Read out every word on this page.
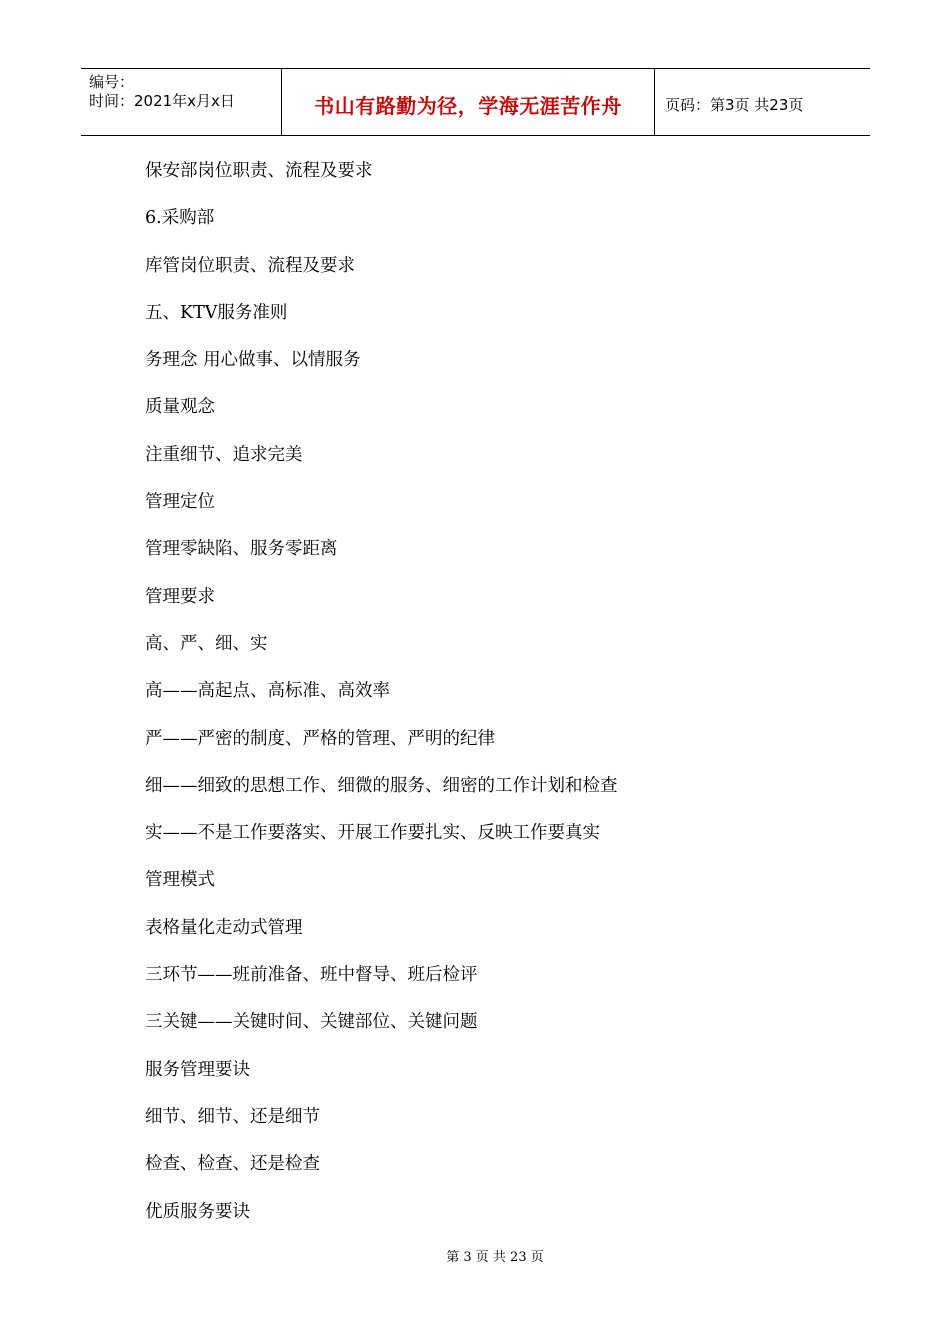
编号：
时间：2021年x月x日	书山有路勤为径，学海无涯苦作舟	页码：第3页 共23页
保安部岗位职责、流程及要求
6.采购部
库管岗位职责、流程及要求
五、KTV服务准则
务理念 用心做事、以情服务
质量观念
注重细节、追求完美
管理定位
管理零缺陷、服务零距离
管理要求
高、严、细、实
高——高起点、高标准、高效率
严——严密的制度、严格的管理、严明的纪律
细——细致的思想工作、细微的服务、细密的工作计划和检查
实——不是工作要落实、开展工作要扎实、反映工作要真实
管理模式
表格量化走动式管理
三环节——班前准备、班中督导、班后检评
三关键——关键时间、关键部位、关键问题
服务管理要诀
细节、细节、还是细节
检查、检查、还是检查
优质服务要诀
第 3 页 共 23 页
